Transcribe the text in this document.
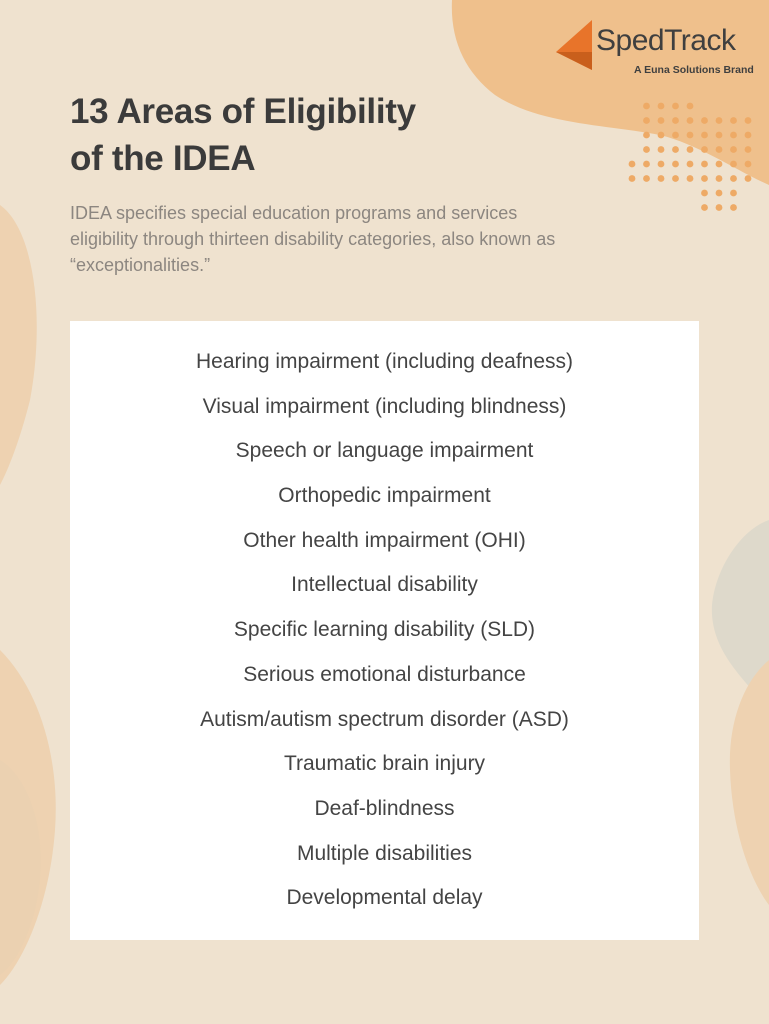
SpedTrack
A Euna Solutions Brand
13 Areas of Eligibility
of the IDEA

IDEA specifies special education programs and services eligibility through thirteen disability categories, also known as “exceptionalities.”

Hearing impairment (including deafness)
Visual impairment (including blindness)
Speech or language impairment
Orthopedic impairment
Other health impairment (OHI)
Intellectual disability
Specific learning disability (SLD)
Serious emotional disturbance
Autism/autism spectrum disorder (ASD)
Traumatic brain injury
Deaf-blindness
Multiple disabilities
Developmental delay
